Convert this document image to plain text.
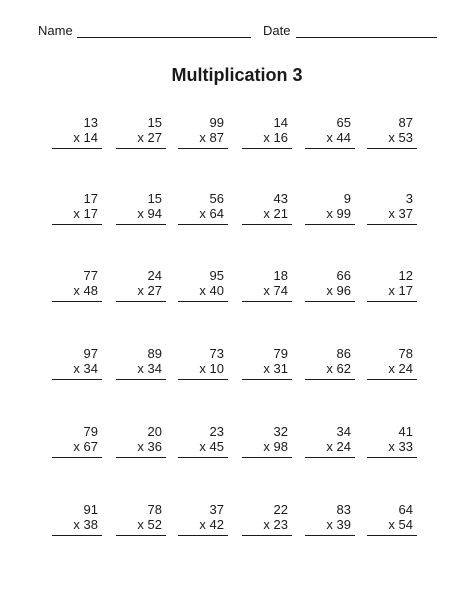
Name	Date
Multiplication 3
13
x 14
15
x 27
99
x 87
14
x 16
65
x 44
87
x 53
17
x 17
15
x 94
56
x 64
43
x 21
9
x 99
3
x 37
77
x 48
24
x 27
95
x 40
18
x 74
66
x 96
12
x 17
97
x 34
89
x 34
73
x 10
79
x 31
86
x 62
78
x 24
79
x 67
20
x 36
23
x 45
32
x 98
34
x 24
41
x 33
91
x 38
78
x 52
37
x 42
22
x 23
83
x 39
64
x 54
